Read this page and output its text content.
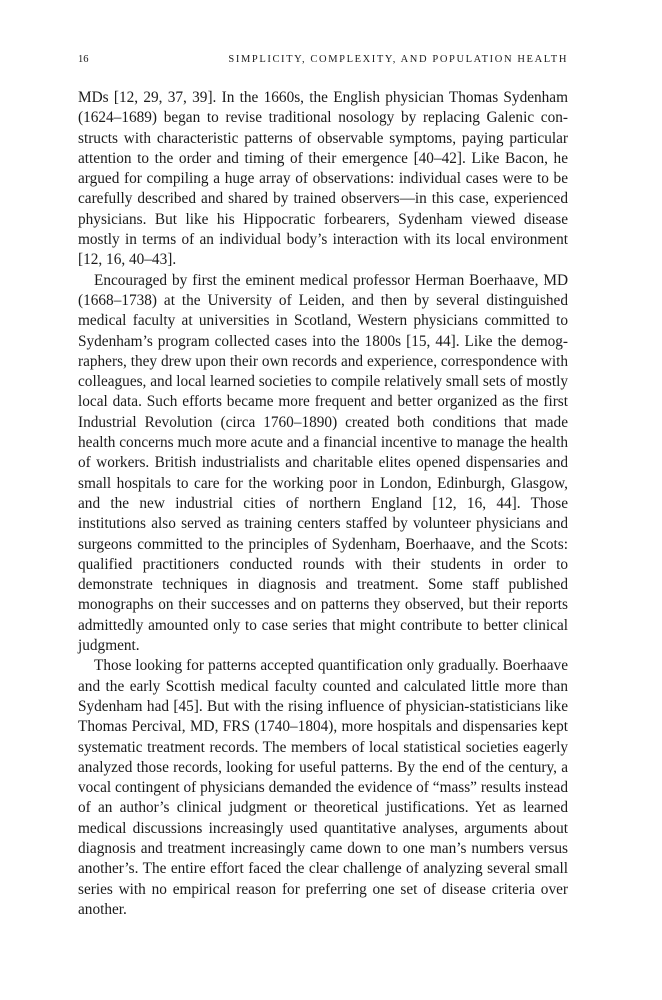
16	SIMPLICITY, COMPLEXITY, AND POPULATION HEALTH

MDs [12, 29, 37, 39]. In the 1660s, the English physician Thomas Sydenham (1624–1689) began to revise traditional nosology by replacing Galenic constructs with characteristic patterns of observable symptoms, paying particular attention to the order and timing of their emergence [40–42]. Like Bacon, he argued for compiling a huge array of observations: individual cases were to be carefully described and shared by trained observers—in this case, experienced physicians. But like his Hippocratic forbearers, Sydenham viewed disease mostly in terms of an individual body’s interaction with its local environment [12, 16, 40–43].

Encouraged by first the eminent medical professor Herman Boerhaave, MD (1668–1738) at the University of Leiden, and then by several distinguished medical faculty at universities in Scotland, Western physicians committed to Sydenham’s program collected cases into the 1800s [15, 44]. Like the demographers, they drew upon their own records and experience, correspondence with colleagues, and local learned societies to compile relatively small sets of mostly local data. Such efforts became more frequent and better organized as the first Industrial Revolution (circa 1760–1890) created both conditions that made health concerns much more acute and a financial incentive to manage the health of workers. British industrialists and charitable elites opened dispensaries and small hospitals to care for the working poor in London, Edinburgh, Glasgow, and the new industrial cities of northern England [12, 16, 44]. Those institutions also served as training centers staffed by volunteer physicians and surgeons committed to the principles of Sydenham, Boerhaave, and the Scots: qualified practitioners conducted rounds with their students in order to demonstrate techniques in diagnosis and treatment. Some staff published monographs on their successes and on patterns they observed, but their reports admittedly amounted only to case series that might contribute to better clinical judgment.

Those looking for patterns accepted quantification only gradually. Boerhaave and the early Scottish medical faculty counted and calculated little more than Sydenham had [45]. But with the rising influence of physician-statisticians like Thomas Percival, MD, FRS (1740–1804), more hospitals and dispensaries kept systematic treatment records. The members of local statistical societies eagerly analyzed those records, looking for useful patterns. By the end of the century, a vocal contingent of physicians demanded the evidence of “mass” results instead of an author’s clinical judgment or theoretical justifications. Yet as learned medical discussions increasingly used quantitative analyses, arguments about diagnosis and treatment increasingly came down to one man’s numbers versus another’s. The entire effort faced the clear challenge of analyzing several small series with no empirical reason for preferring one set of disease criteria over another.
